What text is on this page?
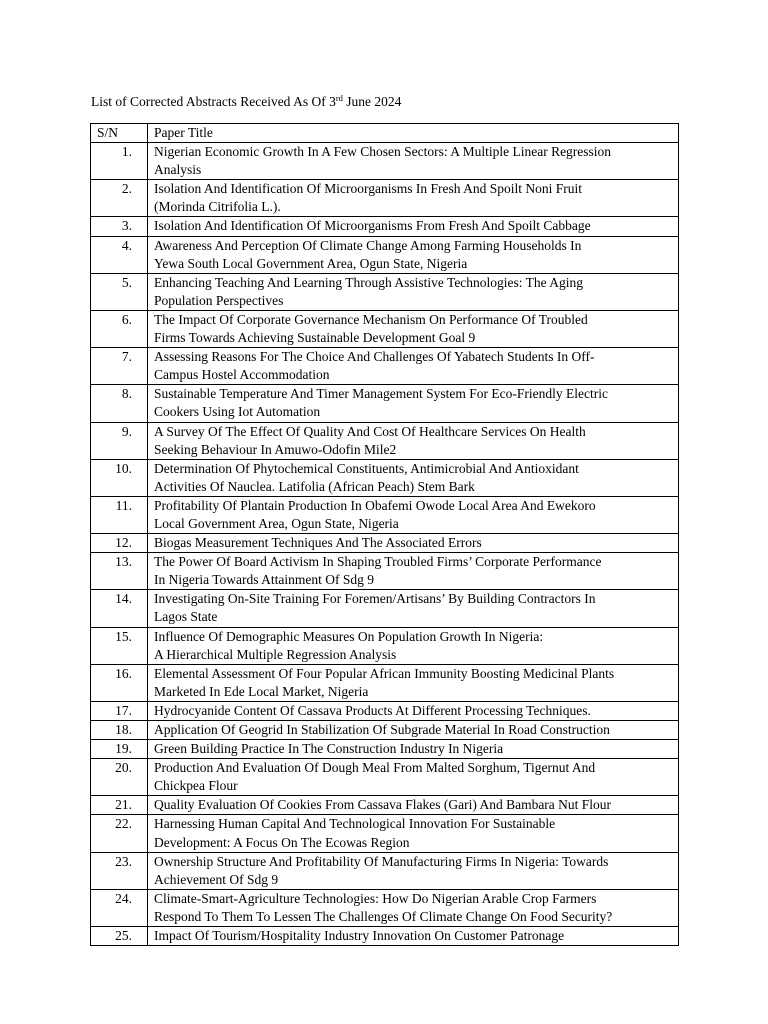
List of Corrected Abstracts Received As Of 3rd June 2024
S/N	Paper Title
1.	Nigerian Economic Growth In A Few Chosen Sectors: A Multiple Linear Regression
Analysis
2.	Isolation And Identification Of Microorganisms In Fresh And Spoilt Noni Fruit
(Morinda Citrifolia L.).
3.	Isolation And Identification Of Microorganisms From Fresh And Spoilt Cabbage
4.	Awareness And Perception Of Climate Change Among Farming Households In
Yewa South Local Government Area, Ogun State, Nigeria
5.	Enhancing Teaching And Learning Through Assistive Technologies: The Aging
Population Perspectives
6.	The Impact Of Corporate Governance Mechanism On Performance Of Troubled
Firms Towards Achieving Sustainable Development Goal 9
7.	Assessing Reasons For The Choice And Challenges Of Yabatech Students In Off-
Campus Hostel Accommodation
8.	Sustainable Temperature And Timer Management System For Eco-Friendly Electric
Cookers Using Iot Automation
9.	A Survey Of The Effect Of Quality And Cost Of Healthcare Services On Health
Seeking Behaviour In Amuwo-Odofin Mile2
10.	Determination Of Phytochemical Constituents, Antimicrobial And Antioxidant
Activities Of Nauclea. Latifolia (African Peach) Stem Bark
11.	Profitability Of Plantain Production In Obafemi Owode Local Area And Ewekoro
Local Government Area, Ogun State, Nigeria
12.	Biogas Measurement Techniques And The Associated Errors
13.	The Power Of Board Activism In Shaping Troubled Firms’ Corporate Performance
In Nigeria Towards Attainment Of Sdg 9
14.	Investigating On-Site Training For Foremen/Artisans’ By Building Contractors In
Lagos State
15.	Influence Of Demographic Measures On Population Growth In Nigeria:
A Hierarchical Multiple Regression Analysis
16.	Elemental Assessment Of Four Popular African Immunity Boosting Medicinal Plants
Marketed In Ede Local Market, Nigeria
17.	Hydrocyanide Content Of Cassava Products At Different Processing Techniques.
18.	Application Of Geogrid In Stabilization Of Subgrade Material In Road Construction
19.	Green Building Practice In The Construction Industry In Nigeria
20.	Production And Evaluation Of Dough Meal From Malted Sorghum, Tigernut And
Chickpea Flour
21.	Quality Evaluation Of Cookies From Cassava Flakes (Gari) And Bambara Nut Flour
22.	Harnessing Human Capital And Technological Innovation For Sustainable
Development: A Focus On The Ecowas Region
23.	Ownership Structure And Profitability Of Manufacturing Firms In Nigeria: Towards
Achievement Of Sdg 9
24.	Climate-Smart-Agriculture Technologies: How Do Nigerian Arable Crop Farmers
Respond To Them To Lessen The Challenges Of Climate Change On Food Security?
25.	Impact Of Tourism/Hospitality Industry Innovation On Customer Patronage
